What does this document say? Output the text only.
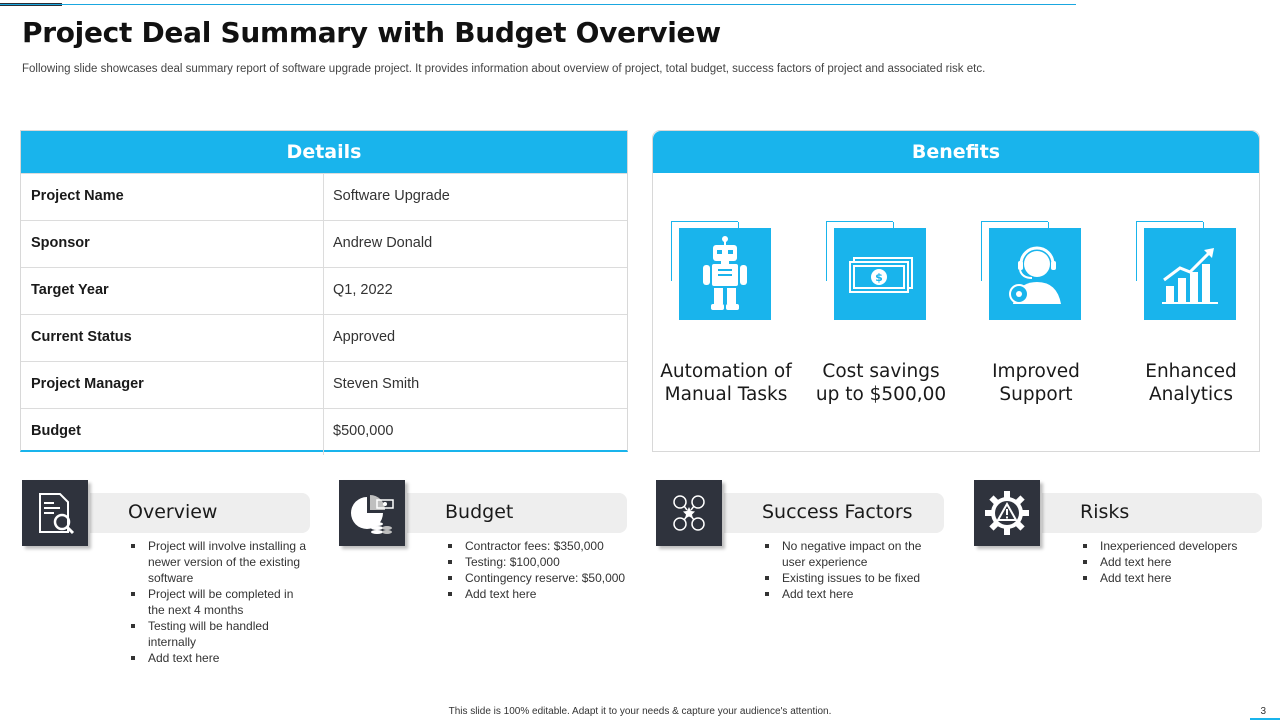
Project Deal Summary with Budget Overview

Following slide showcases deal summary report of software upgrade project. It provides information about overview of project, total budget, success factors of project and associated risk etc.

Details
Project Name	Software Upgrade
Sponsor	Andrew Donald
Target Year	Q1, 2022
Current Status	Approved
Project Manager	Steven Smith
Budget	$500,000
Benefits
Automation of
Manual Tasks
$
Cost savings
up to $500,00
Improved
Support
Enhanced
Analytics
Overview
Project will involve installing a newer version of the existing software
Project will be completed in the next 4 months
Testing will be handled internally
Add text here
Budget
Contractor fees: $350,000
Testing: $100,000
Contingency reserve: $50,000
Add text here
Success Factors
No negative impact on the user experience
Existing issues to be fixed
Add text here
Risks
Inexperienced developers
Add text here
Add text here
This slide is 100% editable. Adapt it to your needs & capture your audience's attention.	3
